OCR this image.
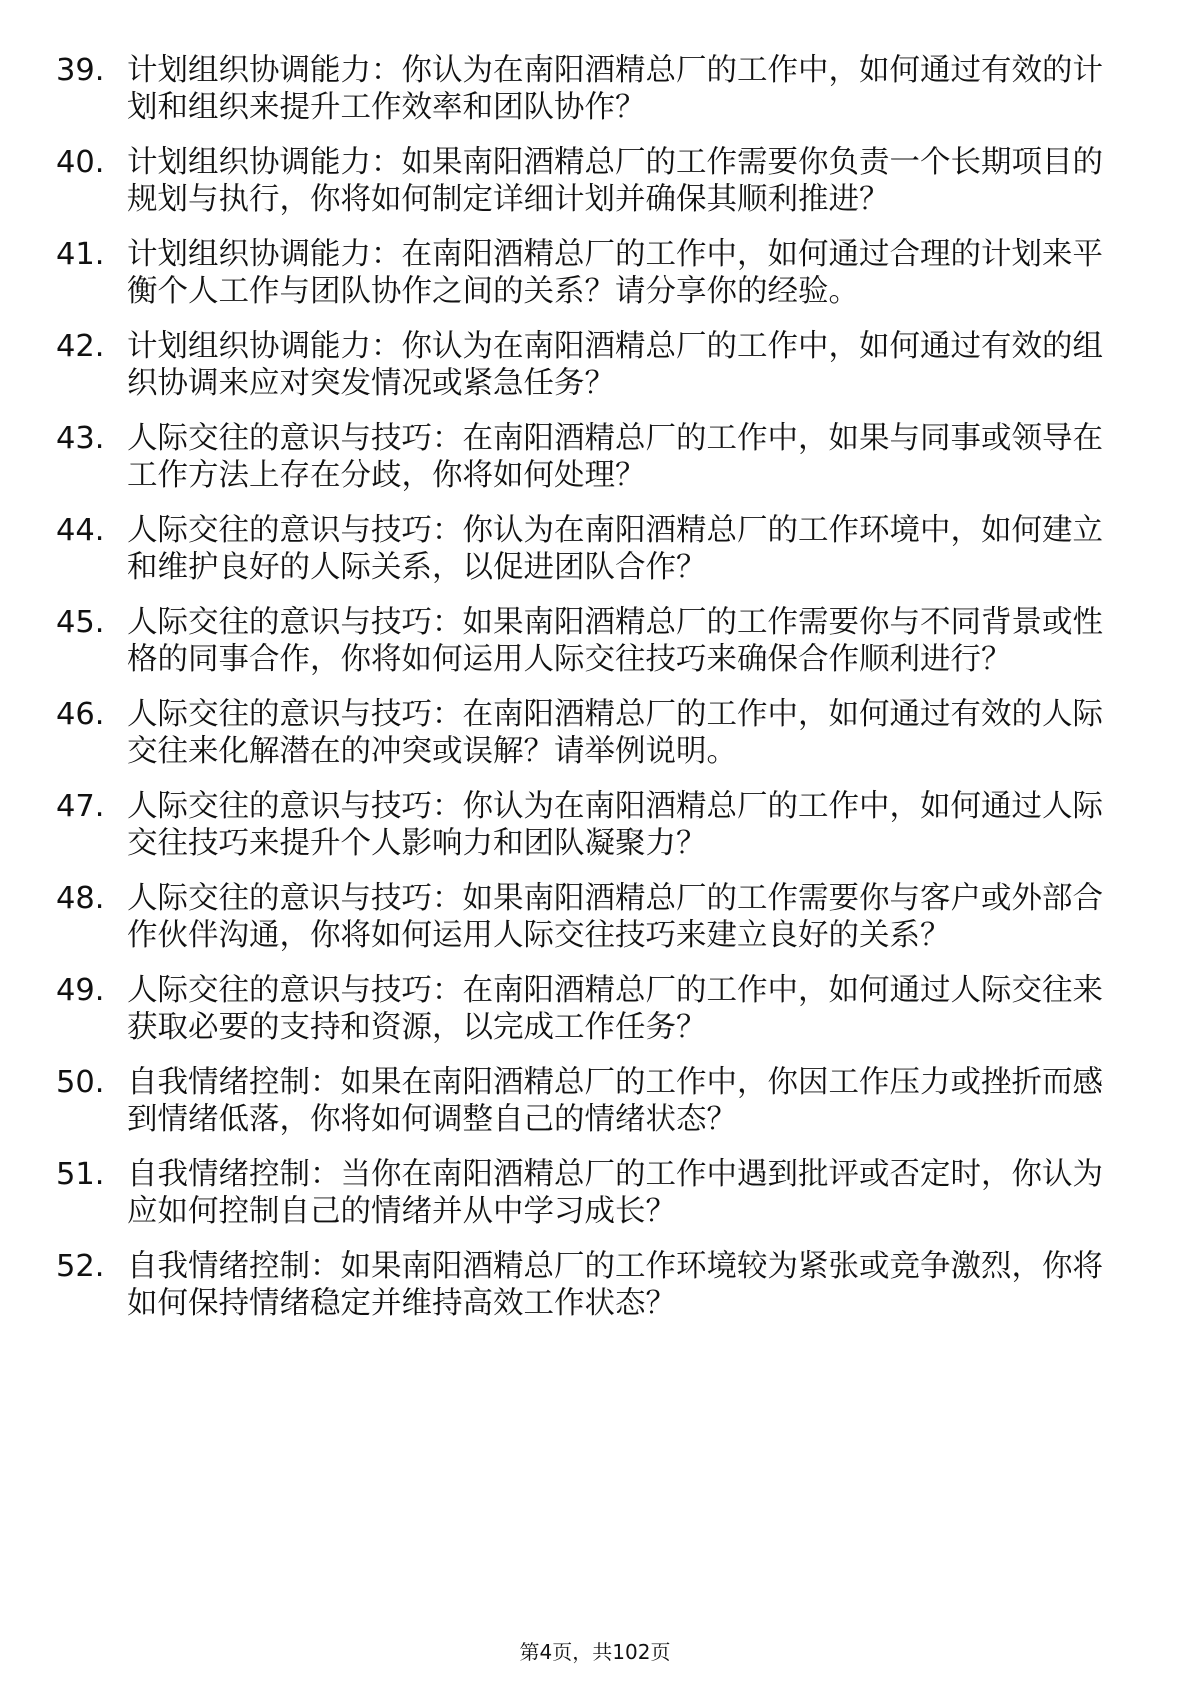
39. 计划组织协调能力：你认为在南阳酒精总厂的工作中，如何通过有效的计划和组织来提升工作效率和团队协作？
40. 计划组织协调能力：如果南阳酒精总厂的工作需要你负责一个长期项目的规划与执行，你将如何制定详细计划并确保其顺利推进？
41. 计划组织协调能力：在南阳酒精总厂的工作中，如何通过合理的计划来平衡个人工作与团队协作之间的关系？请分享你的经验。
42. 计划组织协调能力：你认为在南阳酒精总厂的工作中，如何通过有效的组织协调来应对突发情况或紧急任务？
43. 人际交往的意识与技巧：在南阳酒精总厂的工作中，如果与同事或领导在工作方法上存在分歧，你将如何处理？
44. 人际交往的意识与技巧：你认为在南阳酒精总厂的工作环境中，如何建立和维护良好的人际关系，以促进团队合作？
45. 人际交往的意识与技巧：如果南阳酒精总厂的工作需要你与不同背景或性格的同事合作，你将如何运用人际交往技巧来确保合作顺利进行？
46. 人际交往的意识与技巧：在南阳酒精总厂的工作中，如何通过有效的人际交往来化解潜在的冲突或误解？请举例说明。
47. 人际交往的意识与技巧：你认为在南阳酒精总厂的工作中，如何通过人际交往技巧来提升个人影响力和团队凝聚力？
48. 人际交往的意识与技巧：如果南阳酒精总厂的工作需要你与客户或外部合作伙伴沟通，你将如何运用人际交往技巧来建立良好的关系？
49. 人际交往的意识与技巧：在南阳酒精总厂的工作中，如何通过人际交往来获取必要的支持和资源，以完成工作任务？
50. 自我情绪控制：如果在南阳酒精总厂的工作中，你因工作压力或挫折而感到情绪低落，你将如何调整自己的情绪状态？
51. 自我情绪控制：当你在南阳酒精总厂的工作中遇到批评或否定时，你认为应如何控制自己的情绪并从中学习成长？
52. 自我情绪控制：如果南阳酒精总厂的工作环境较为紧张或竞争激烈，你将如何保持情绪稳定并维持高效工作状态？
第4页，共102页
